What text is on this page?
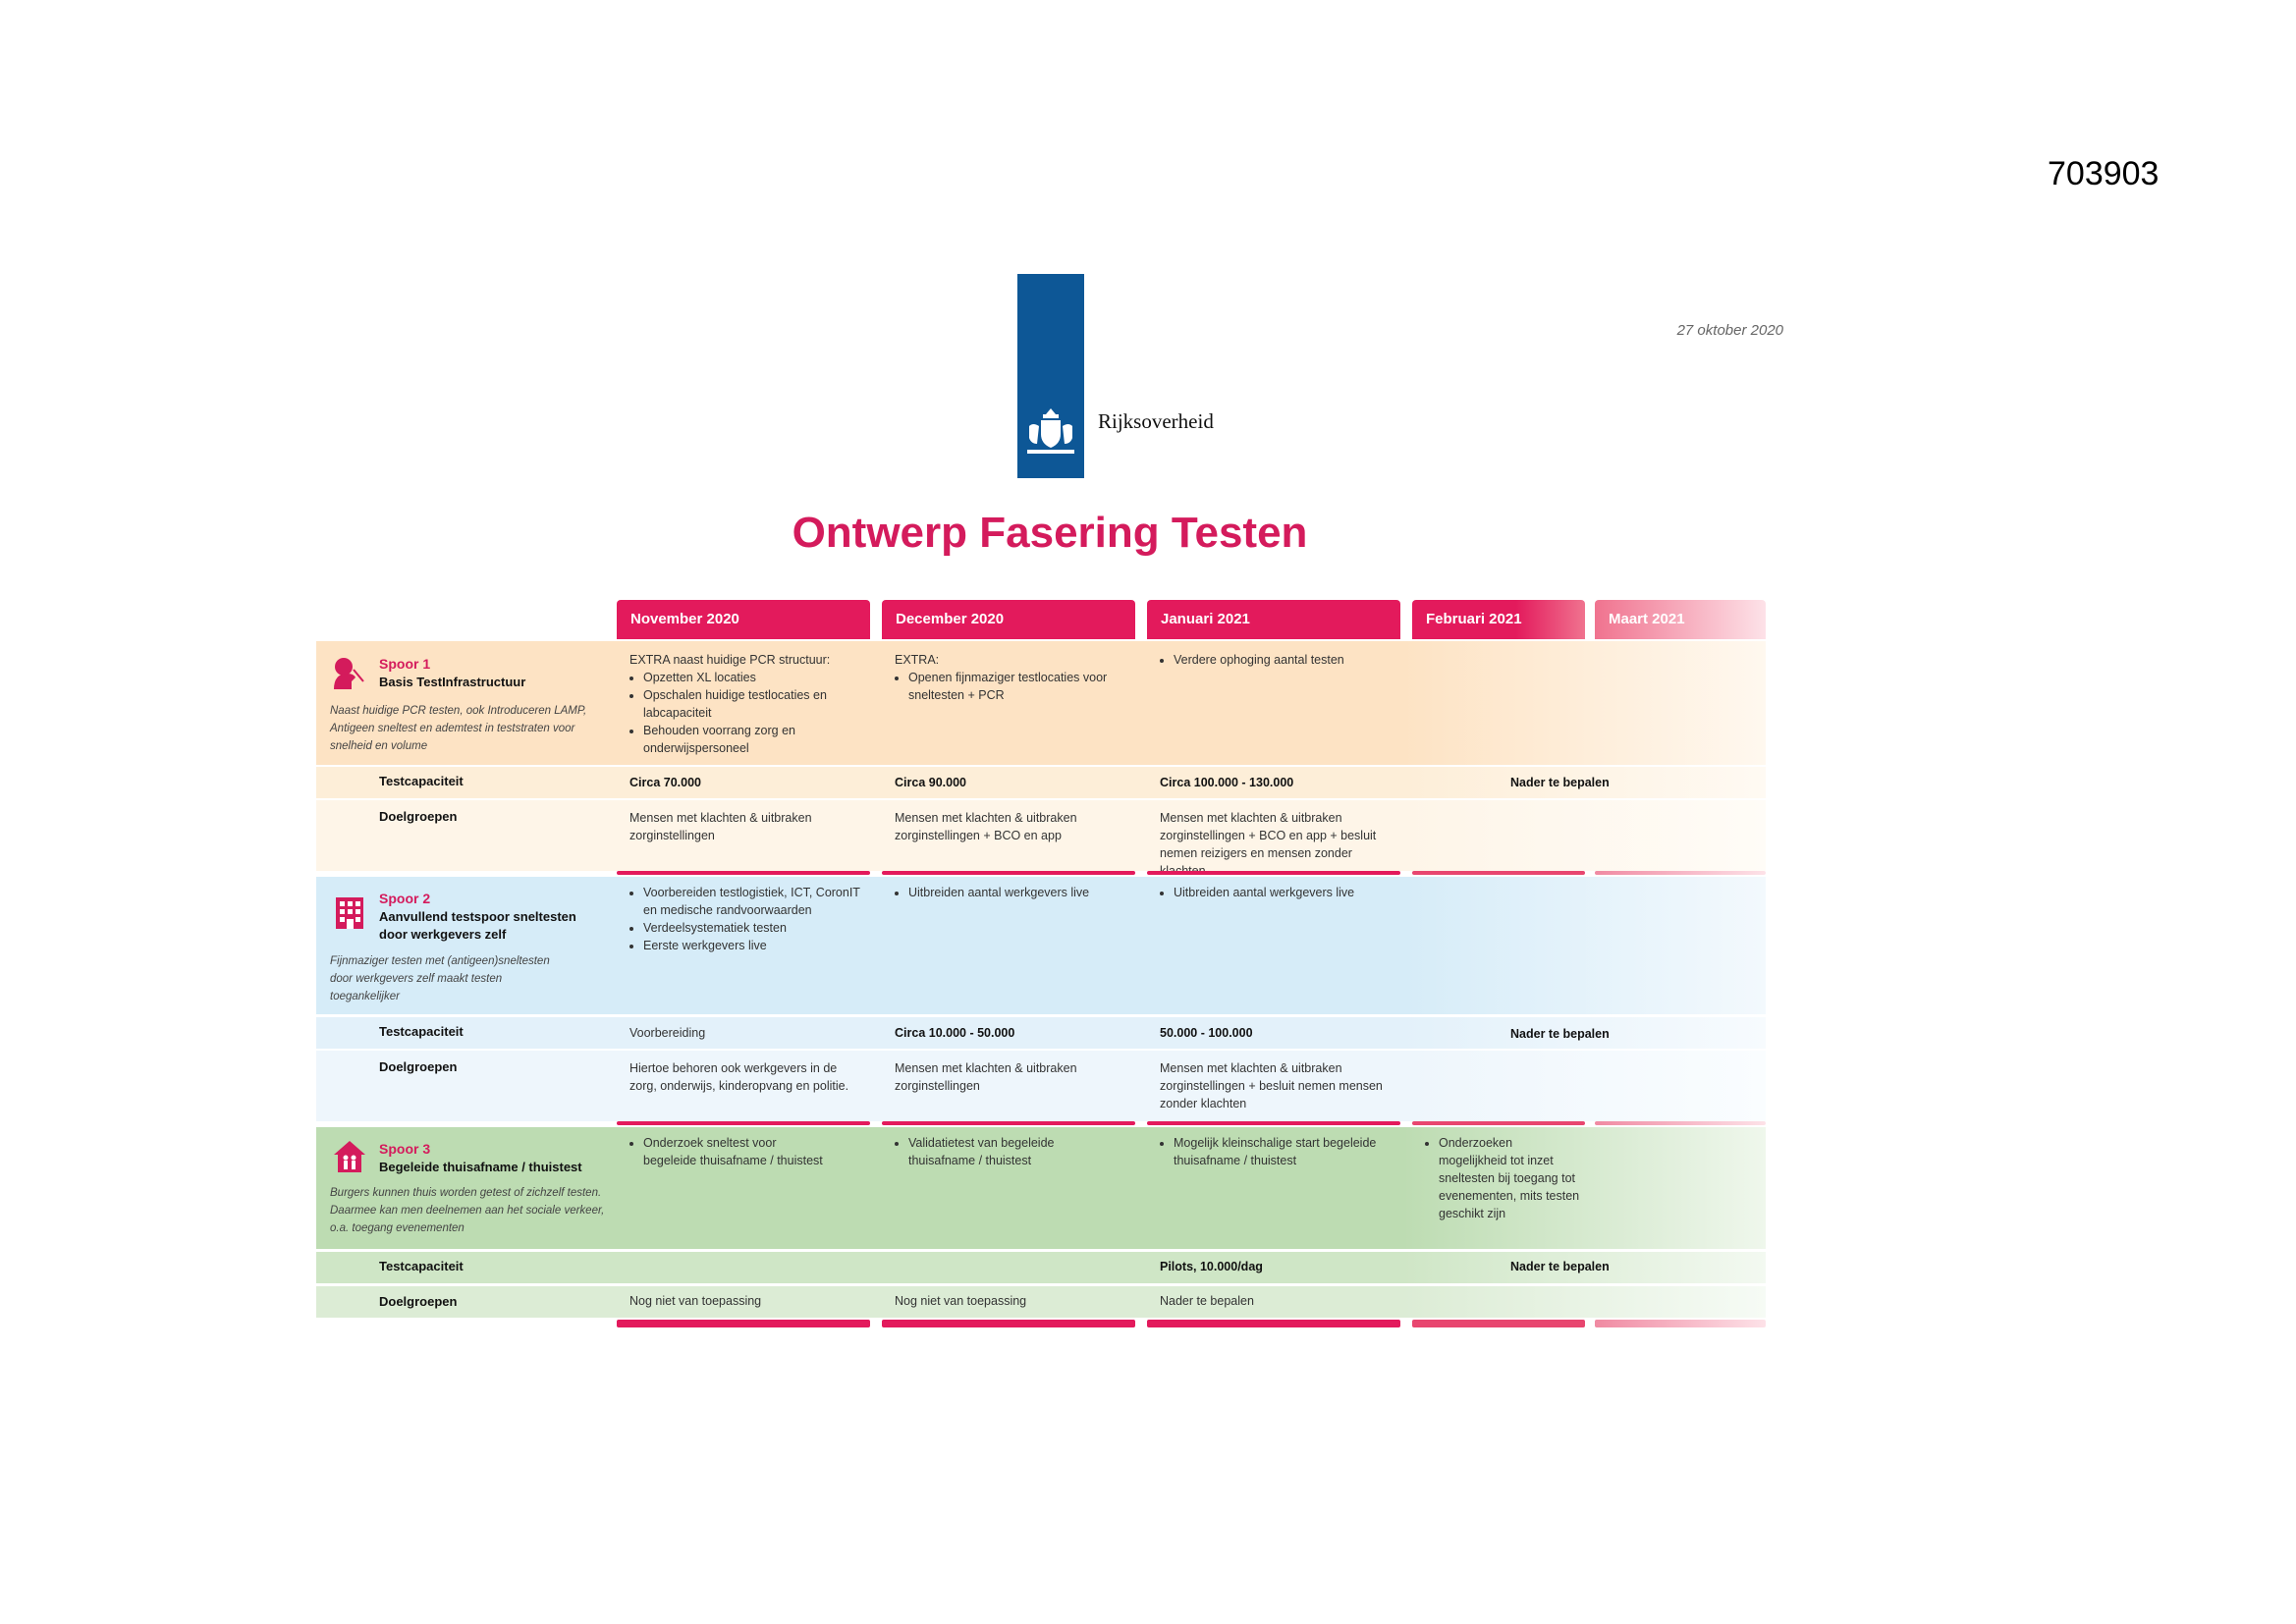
703903
Rijksoverheid
27 oktober 2020
Ontwerp Fasering Testen
November 2020	December 2020	Januari 2021	Februari 2021	Maart 2021
Spoor 1
Basis TestInfrastructuur
Naast huidige PCR testen, ook Introduceren LAMP,
Antigeen sneltest en ademtest in teststraten voor
snelheid en volume

EXTRA naast huidige PCR structuur:

• Opzetten XL locaties
• Opschalen huidige testlocaties en labcapaciteit
• Behouden voorrang zorg en onderwijspersoneel

EXTRA:

• Openen fijnmaziger testlocaties voor sneltesten + PCR
• Verdere ophoging aantal testen
Testcapaciteit	Circa 70.000	Circa 90.000	Circa 100.000 - 130.000	Nader te bepalen
Doelgroepen	Mensen met klachten & uitbraken zorginstellingen
Mensen met klachten & uitbraken zorginstellingen + BCO en app
Mensen met klachten & uitbraken zorginstellingen + BCO en app + besluit nemen reizigers en mensen zonder
Spoor 2
Aanvullend testspoor sneltesten
door werkgevers zelf
Fijnmaziger testen met (antigeen)sneltesten
door werkgevers zelf maakt testen
toegankelijker
• Voorbereiden testlogistiek, ICT, CoronIT en medische randvoorwaarden
• Verdeelsystematiek testen
• Eerste werkgevers live
• Uitbreiden aantal werkgevers live
•	Uitbreiden aantal werkgevers live
Testcapaciteit	Voorbereiding	Circa 10.000 - 50.000	50.000 - 100.000	Nader te bepalen
Doelgroepen	Hiertoe behoren ook werkgevers in de zorg, onderwijs, kinderopvang en politie.
Mensen met klachten & uitbraken zorginstellingen
Mensen met klachten & uitbraken zorginstellingen + besluit nemen mensen zonder klachten
Spoor 3
Begeleide thuisafname / thuistest
Burgers kunnen thuis worden getest of zichzelf testen.
Daarmee kan men deelnemen aan het sociale verkeer,
o.a. toegang evenementen
• Onderzoek sneltest voor begeleide thuisafname / thuistest
• Validatietest van begeleide thuisafname / thuistest
• Mogelijk kleinschalige start begeleide thuisafname / thuistest
• Onderzoeken mogelijkheid tot inzet sneltesten bij toegang tot evenementen, mits testen geschikt zijn
Testcapaciteit	Pilots, 10.000/dag	Nader te bepalen
Doelgroepen	Nog niet van toepassing	Nog niet van toepassing	Nader te bepalen
